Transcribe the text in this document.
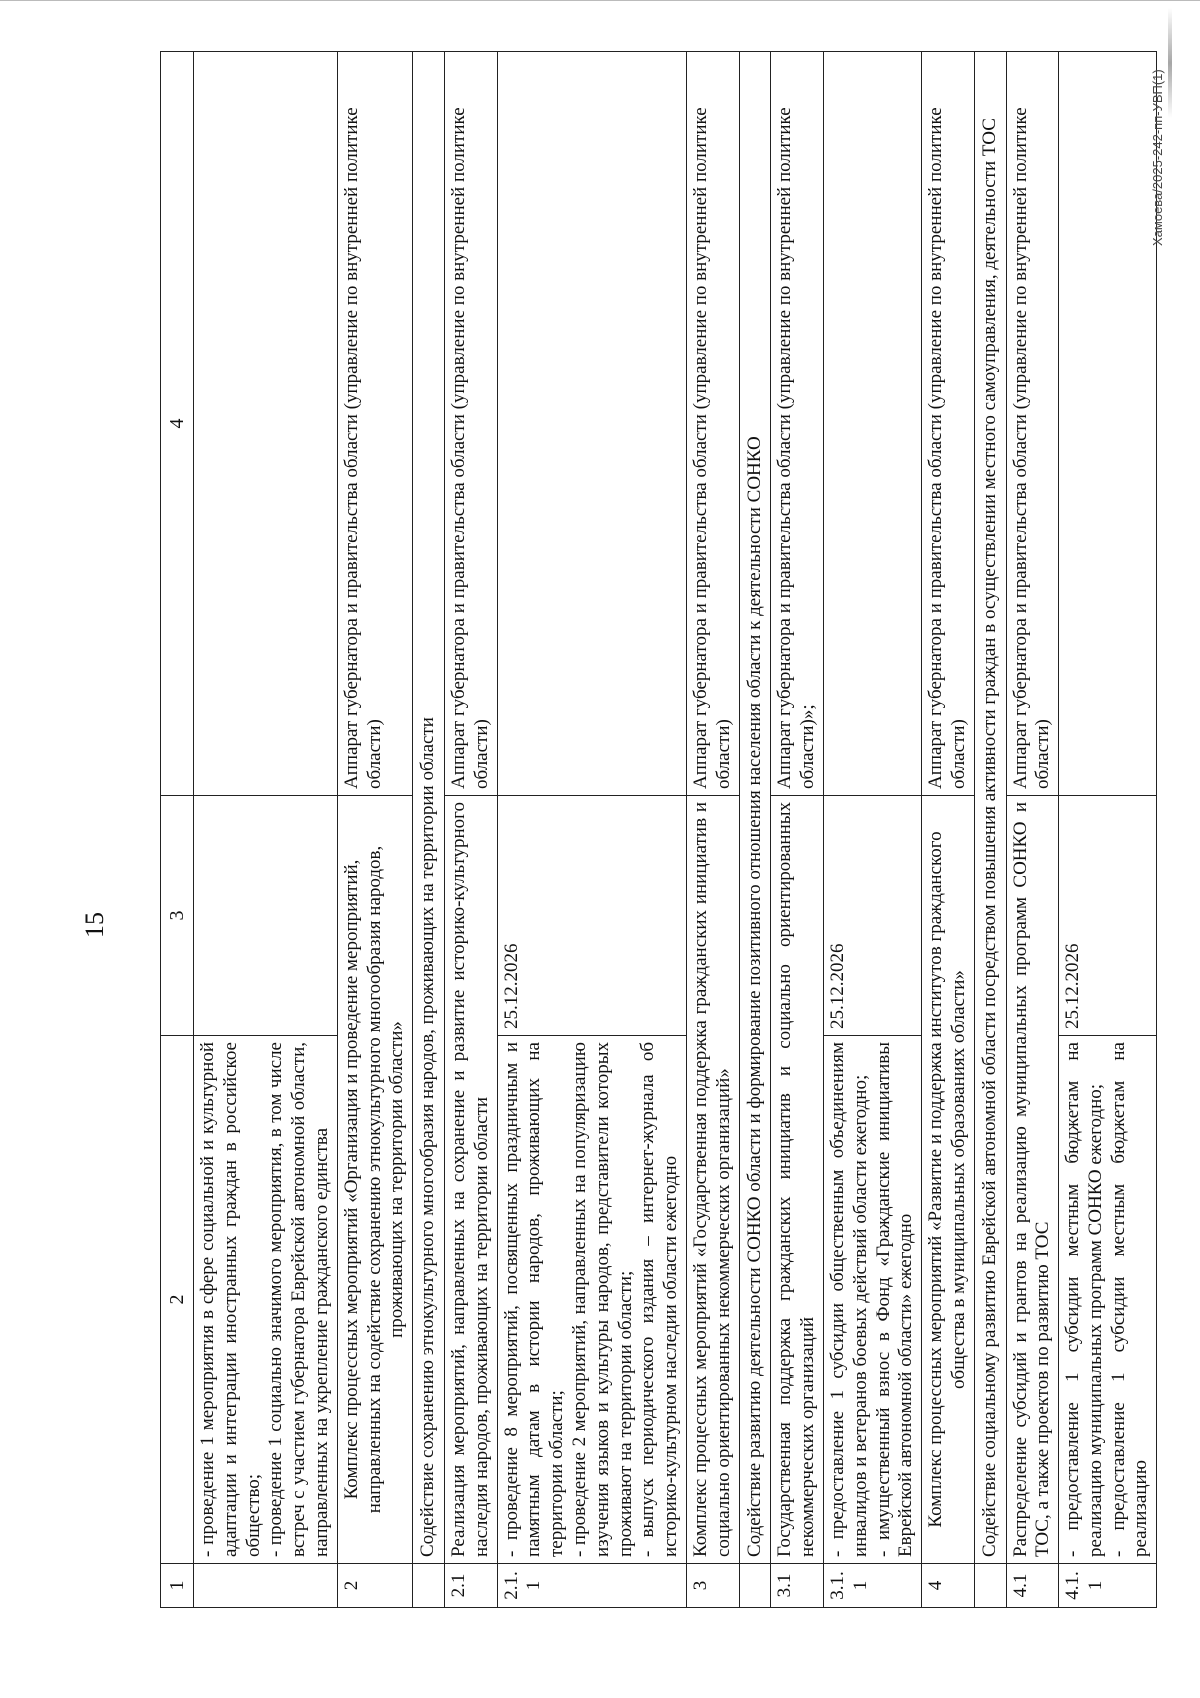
15
1	2	3	4

	- проведение 1 мероприятия в сфере социальной и культурной адаптации и интеграции иностранных граждан в российское общество; - проведение 1 социально значимого мероприятия, в том числе встреч с участием губернатора Еврейской автономной области, направленных на укрепление гражданского единства		

2	Комплекс процессных мероприятий «Организация и проведение мероприятий, направленных на содействие сохранению этнокультурного многообразия народов, проживающих на территории области»		Аппарат губернатора и правительства области (управление по внутренней политике области)
	Содействие сохранению этнокультурного многообразия народов, проживающих на территории области		
2.1	Реализация мероприятий, направленных на сохранение и развитие историко-культурного наследия народов, проживающих на территории области		Аппарат губернатора и правительства области (управление по внутренней политике области)
2.1.1	- проведение 8 мероприятий, посвященных праздничным и памятным датам в истории народов, проживающих на территории области; - проведение 2 мероприятий, направленных на популяризацию изучения языков и культуры народов, представители которых проживают на территории области; - выпуск периодического издания – интернет-журнала об историко-культурном наследии области ежегодно	25.12.2026	
3	Комплекс процессных мероприятий «Государственная поддержка гражданских инициатив и социально ориентированных некоммерческих организаций»		Аппарат губернатора и правительства области (управление по внутренней политике области)
	Содействие развитию деятельности СОНКО области и формирование позитивного отношения населения области к деятельности СОНКО		
3.1	Государственная поддержка гражданских инициатив и социально ориентированных некоммерческих организаций		Аппарат губернатора и правительства области (управление по внутренней политике области)»;
3.1.1	- предоставление 1 субсидии общественным объединениям инвалидов и ветеранов боевых действий области ежегодно; - имущественный взнос в Фонд «Гражданские инициативы Еврейской автономной области» ежегодно	25.12.2026	
4	Комплекс процессных мероприятий «Развитие и поддержка институтов гражданского общества в муниципальных образованиях области»		Аппарат губернатора и правительства области (управление по внутренней политике области)
	Содействие социальному развитию Еврейской автономной области посредством повышения активности граждан в осуществлении местного самоуправления, деятельности ТОС		
4.1	Распределение субсидий и грантов на реализацию муниципальных программ СОНКО и ТОС, а также проектов по развитию ТОС		Аппарат губернатора и правительства области (управление по внутренней политике области)
4.1.1	- предоставление 1 субсидии местным бюджетам на реализацию муниципальных программ СОНКО ежегодно; - предоставление 1 субсидии местным бюджетам на реализацию	25.12.2026	
Хамоева/2025-242-пп-УВП(1)
